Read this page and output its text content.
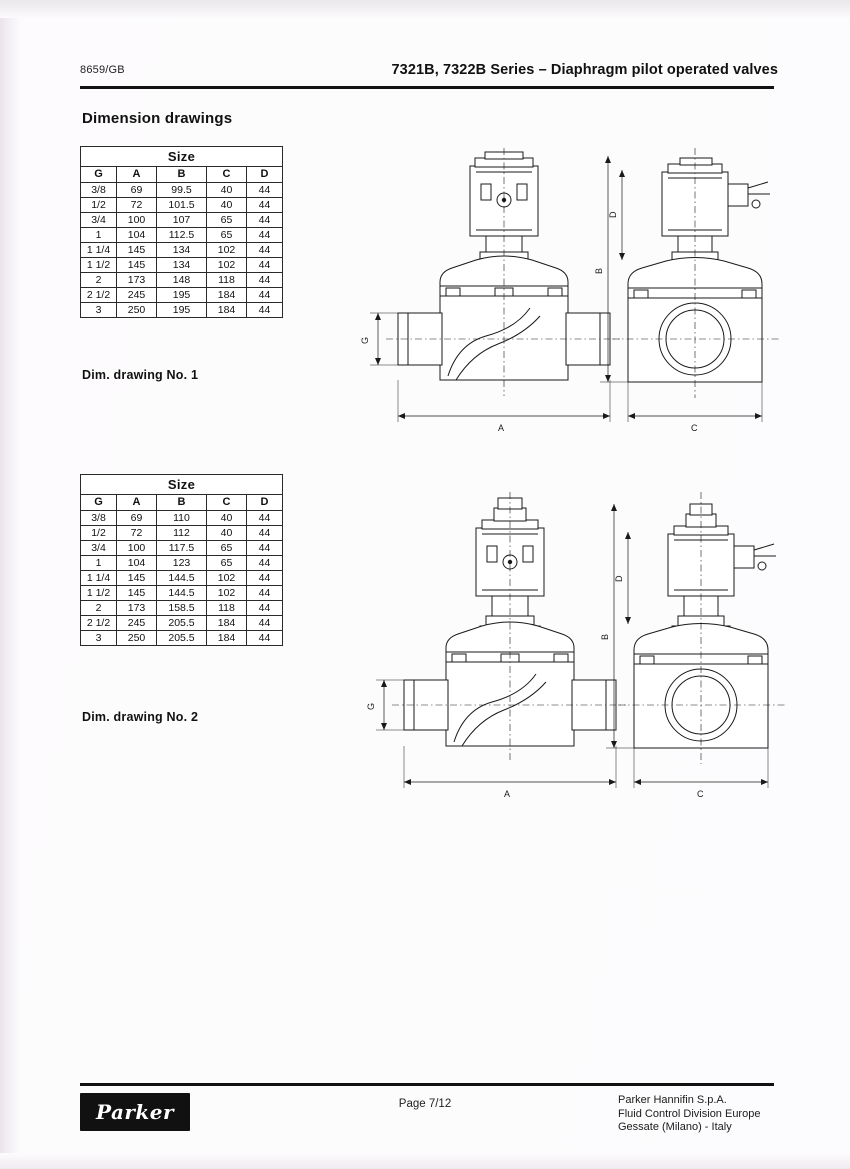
8659/GB	7321B, 7322B Series – Diaphragm pilot operated valves
Dimension drawings
Size				
G	A	B	C	D
3/8	69	99.5	40	44
1/2	72	101.5	40	44
3/4	100	107	65	44
1	104	112.5	65	44
1 1/4	145	134	102	44
1 1/2	145	134	102	44
2	173	148	118	44
2 1/2	245	195	184	44
3	250	195	184	44
Dim. drawing No. 1
Size				
G	A	B	C	D
3/8	69	110	40	44
1/2	72	112	40	44
3/4	100	117.5	65	44
1	104	123	65	44
1 1/4	145	144.5	102	44
1 1/2	145	144.5	102	44
2	173	158.5	118	44
2 1/2	245	205.5	184	44
3	250	205.5	184	44
Dim. drawing No. 2
A
G
D
B
C
A
G
D
B
C
Page 7/12	Parker Hannifin S.p.A.
Fluid Control Division Europe
Gessate (Milano) - Italy
Parker
